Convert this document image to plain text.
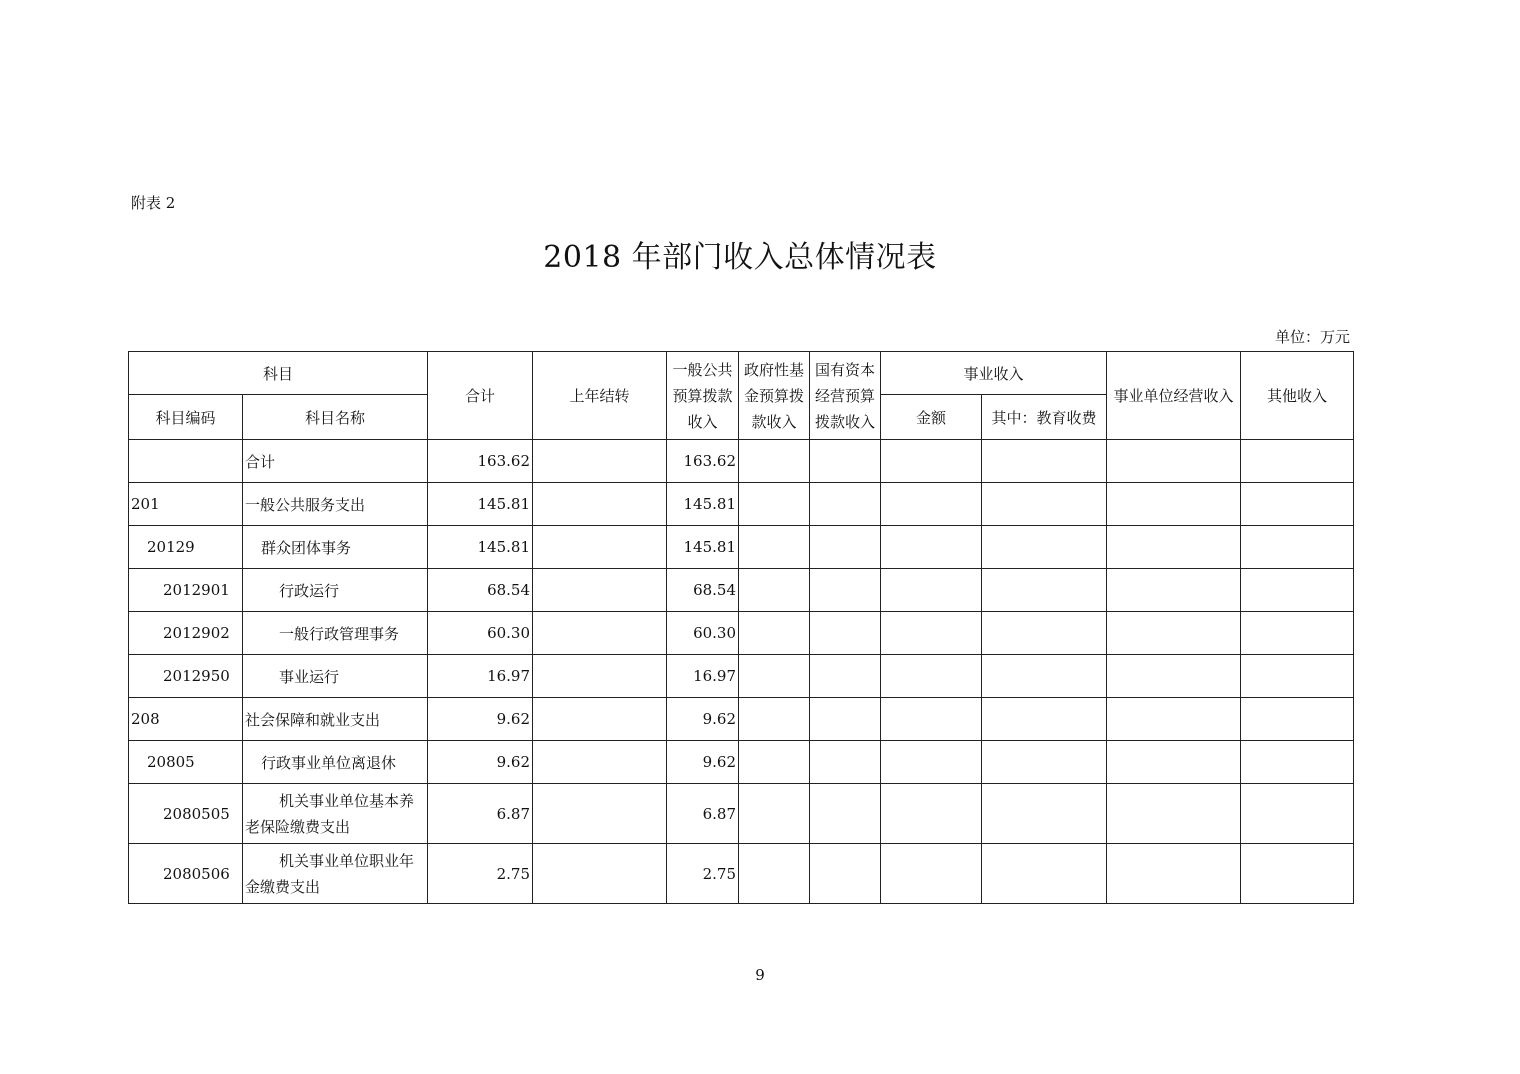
附表 2
2018 年部门收入总体情况表
单位：万元
科目		合计	上年结转	一般公共预算拨款收入	政府性基金预算拨款收入	国有资本经营预算拨款收入	事业收入		事业单位经营收入	其他收入
科目编码	科目名称						金额	其中：教育收费		
	合计	163.62		163.62						
201	一般公共服务支出	145.81		145.81						
20129	群众团体事务	145.81		145.81						
2012901	行政运行	68.54		68.54						
2012902	一般行政管理事务	60.30		60.30						
2012950	事业运行	16.97		16.97						
208	社会保障和就业支出	9.62		9.62						
20805	行政事业单位离退休	9.62		9.62						
2080505	机关事业单位基本养老保险缴费支出	6.87		6.87						
2080506	机关事业单位职业年金缴费支出	2.75		2.75						
9
